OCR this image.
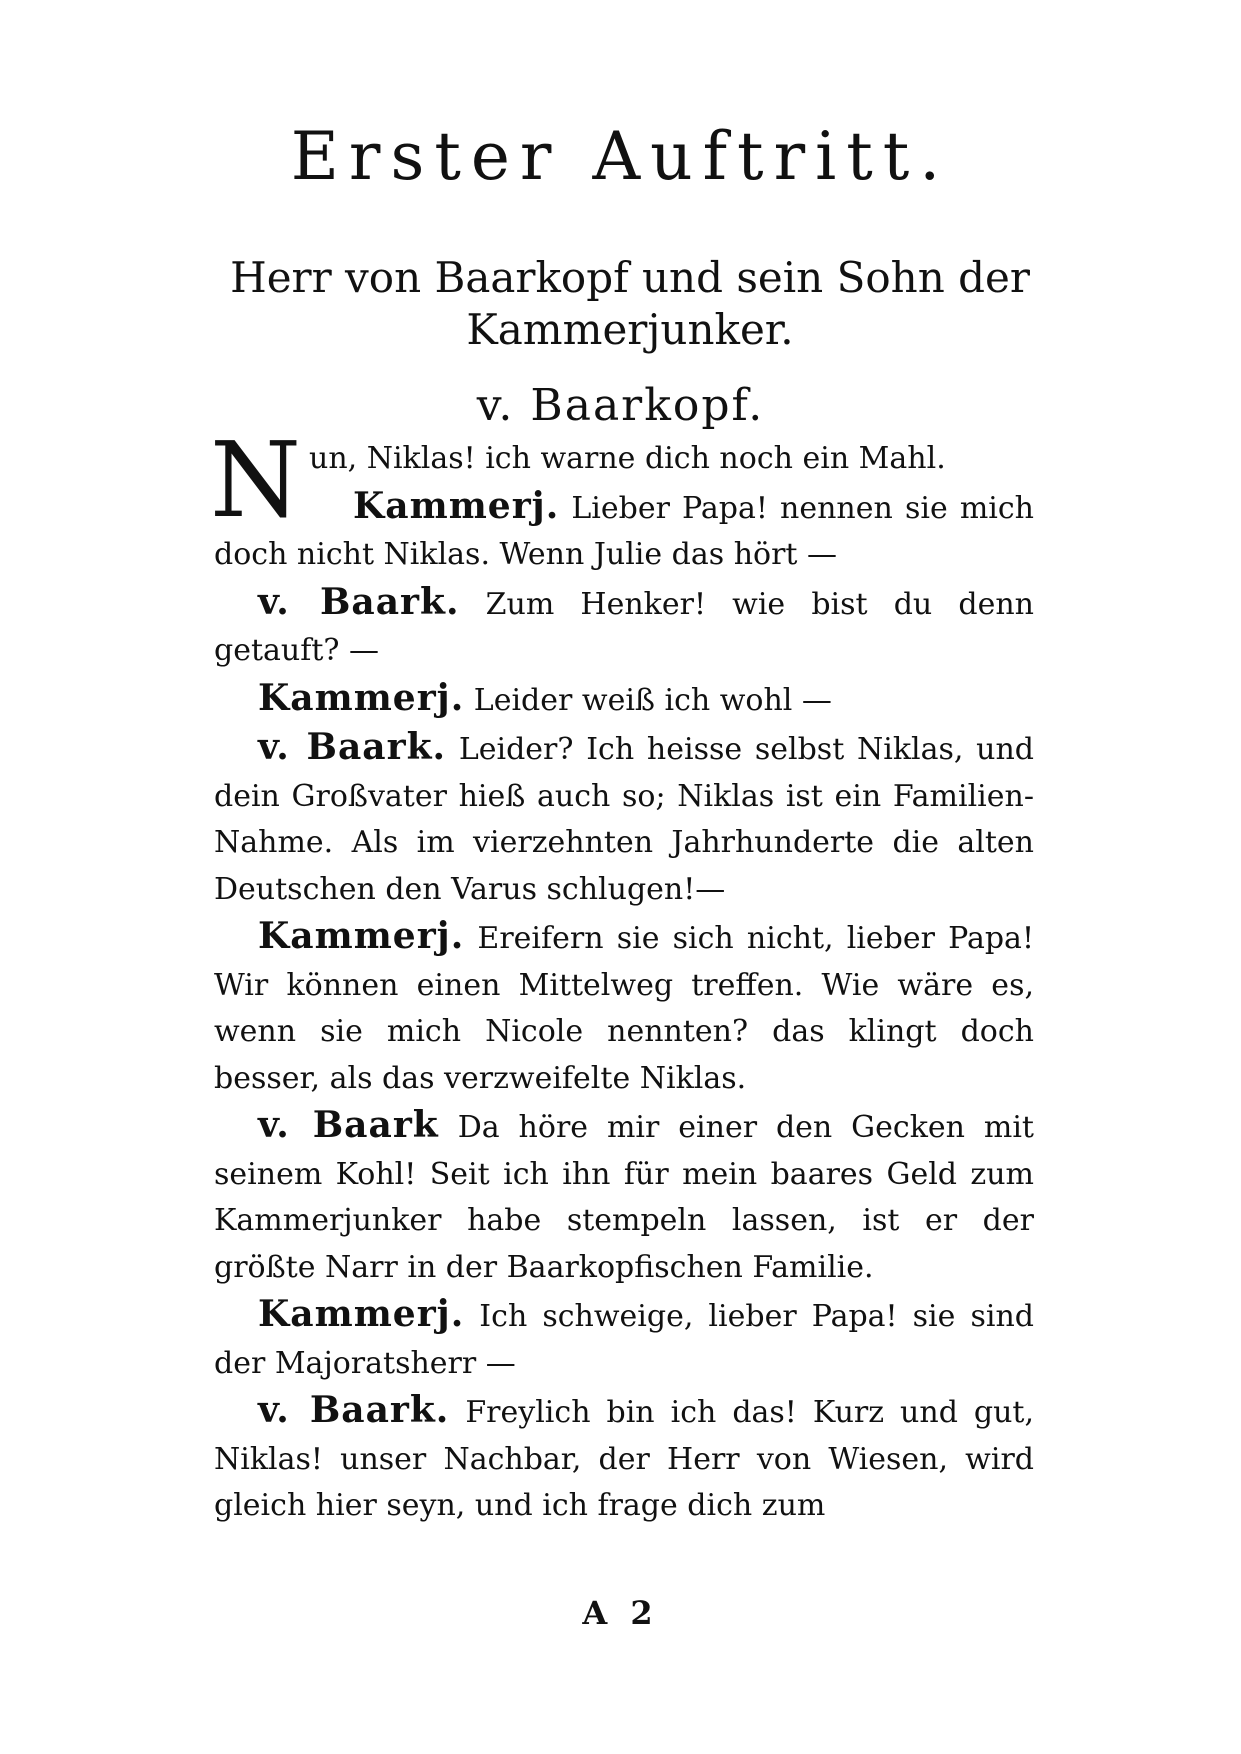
Erster Auftritt.

Herr von Baarkopf und sein Sohn der Kammerjunker.

v. Baarkopf.

Nun, Niklas! ich warne dich noch ein Mahl.

Kammerj. Lieber Papa! nennen sie mich doch nicht Niklas. Wenn Julie das hört —

v. Baark. Zum Henker! wie bist du denn getauft? —

Kammerj. Leider weiß ich wohl —

v. Baark. Leider? Ich heisse selbst Niklas, und dein Großvater hieß auch so; Niklas ist ein Familien-Nahme. Als im vierzehnten Jahrhunderte die alten Deutschen den Varus schlugen!—

Kammerj. Ereifern sie sich nicht, lieber Papa! Wir können einen Mittelweg treffen. Wie wäre es, wenn sie mich Nicole nennten? das klingt doch besser, als das verzweifelte Niklas.

v. Baark Da höre mir einer den Gecken mit seinem Kohl! Seit ich ihn für mein baares Geld zum Kammerjunker habe stempeln lassen, ist er der größte Narr in der Baarkopfischen Familie.

Kammerj. Ich schweige, lieber Papa! sie sind der Majoratsherr —

v. Baark. Freylich bin ich das! Kurz und gut, Niklas! unser Nachbar, der Herr von Wiesen, wird gleich hier seyn, und ich frage dich zum

A 2
